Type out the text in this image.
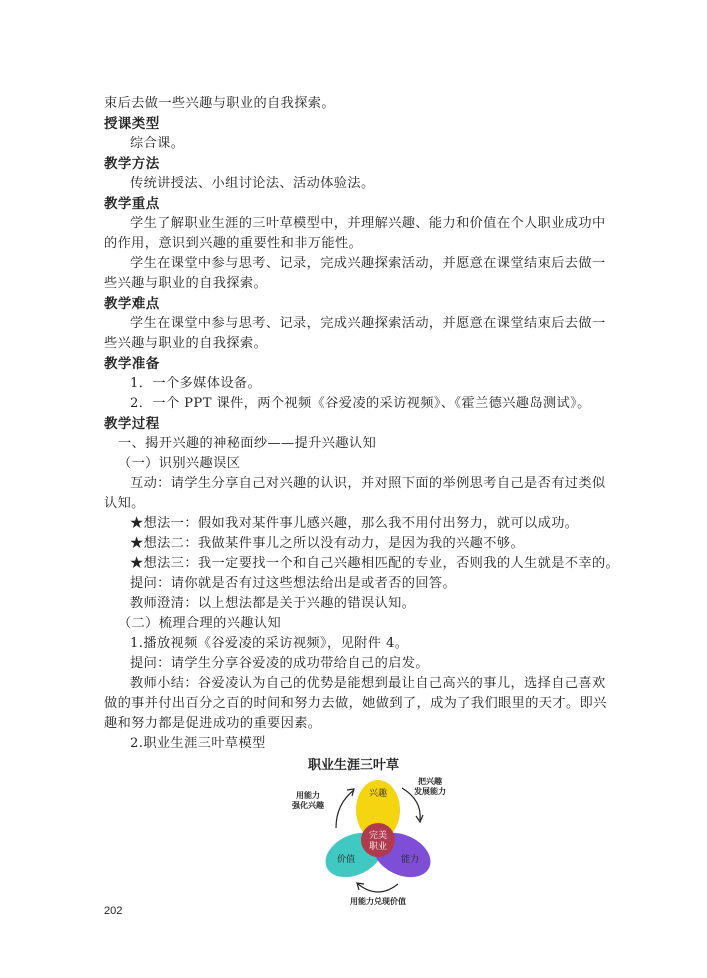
束后去做一些兴趣与职业的自我探索。
授课类型
综合课。
教学方法
传统讲授法、小组讨论法、活动体验法。
教学重点
学生了解职业生涯的三叶草模型中，并理解兴趣、能力和价值在个人职业成功中
的作用，意识到兴趣的重要性和非万能性。
学生在课堂中参与思考、记录，完成兴趣探索活动，并愿意在课堂结束后去做一
些兴趣与职业的自我探索。
教学难点
学生在课堂中参与思考、记录，完成兴趣探索活动，并愿意在课堂结束后去做一
些兴趣与职业的自我探索。
教学准备
1．一个多媒体设备。
2．一个 PPT 课件，两个视频《谷爱凌的采访视频》、《霍兰德兴趣岛测试》。
教学过程
一、揭开兴趣的神秘面纱——提升兴趣认知
（一）识别兴趣误区
互动：请学生分享自己对兴趣的认识，并对照下面的举例思考自己是否有过类似
认知。
★想法一：假如我对某件事儿感兴趣，那么我不用付出努力，就可以成功。
★想法二：我做某件事儿之所以没有动力，是因为我的兴趣不够。
★想法三：我一定要找一个和自己兴趣相匹配的专业，否则我的人生就是不幸的。
提问：请你就是否有过这些想法给出是或者否的回答。
教师澄清：以上想法都是关于兴趣的错误认知。
（二）梳理合理的兴趣认知
1.播放视频《谷爱凌的采访视频》，见附件 4。
提问：请学生分享谷爱凌的成功带给自己的启发。
教师小结：谷爱凌认为自己的优势是能想到最让自己高兴的事儿，选择自己喜欢
做的事并付出百分之百的时间和努力去做，她做到了，成为了我们眼里的天才。即兴
趣和努力都是促进成功的重要因素。
2.职业生涯三叶草模型
职业生涯三叶草
兴趣
价值	能力
完美
职业
把兴趣
发展能力
用能力兑现价值
用能力
强化兴趣
202
